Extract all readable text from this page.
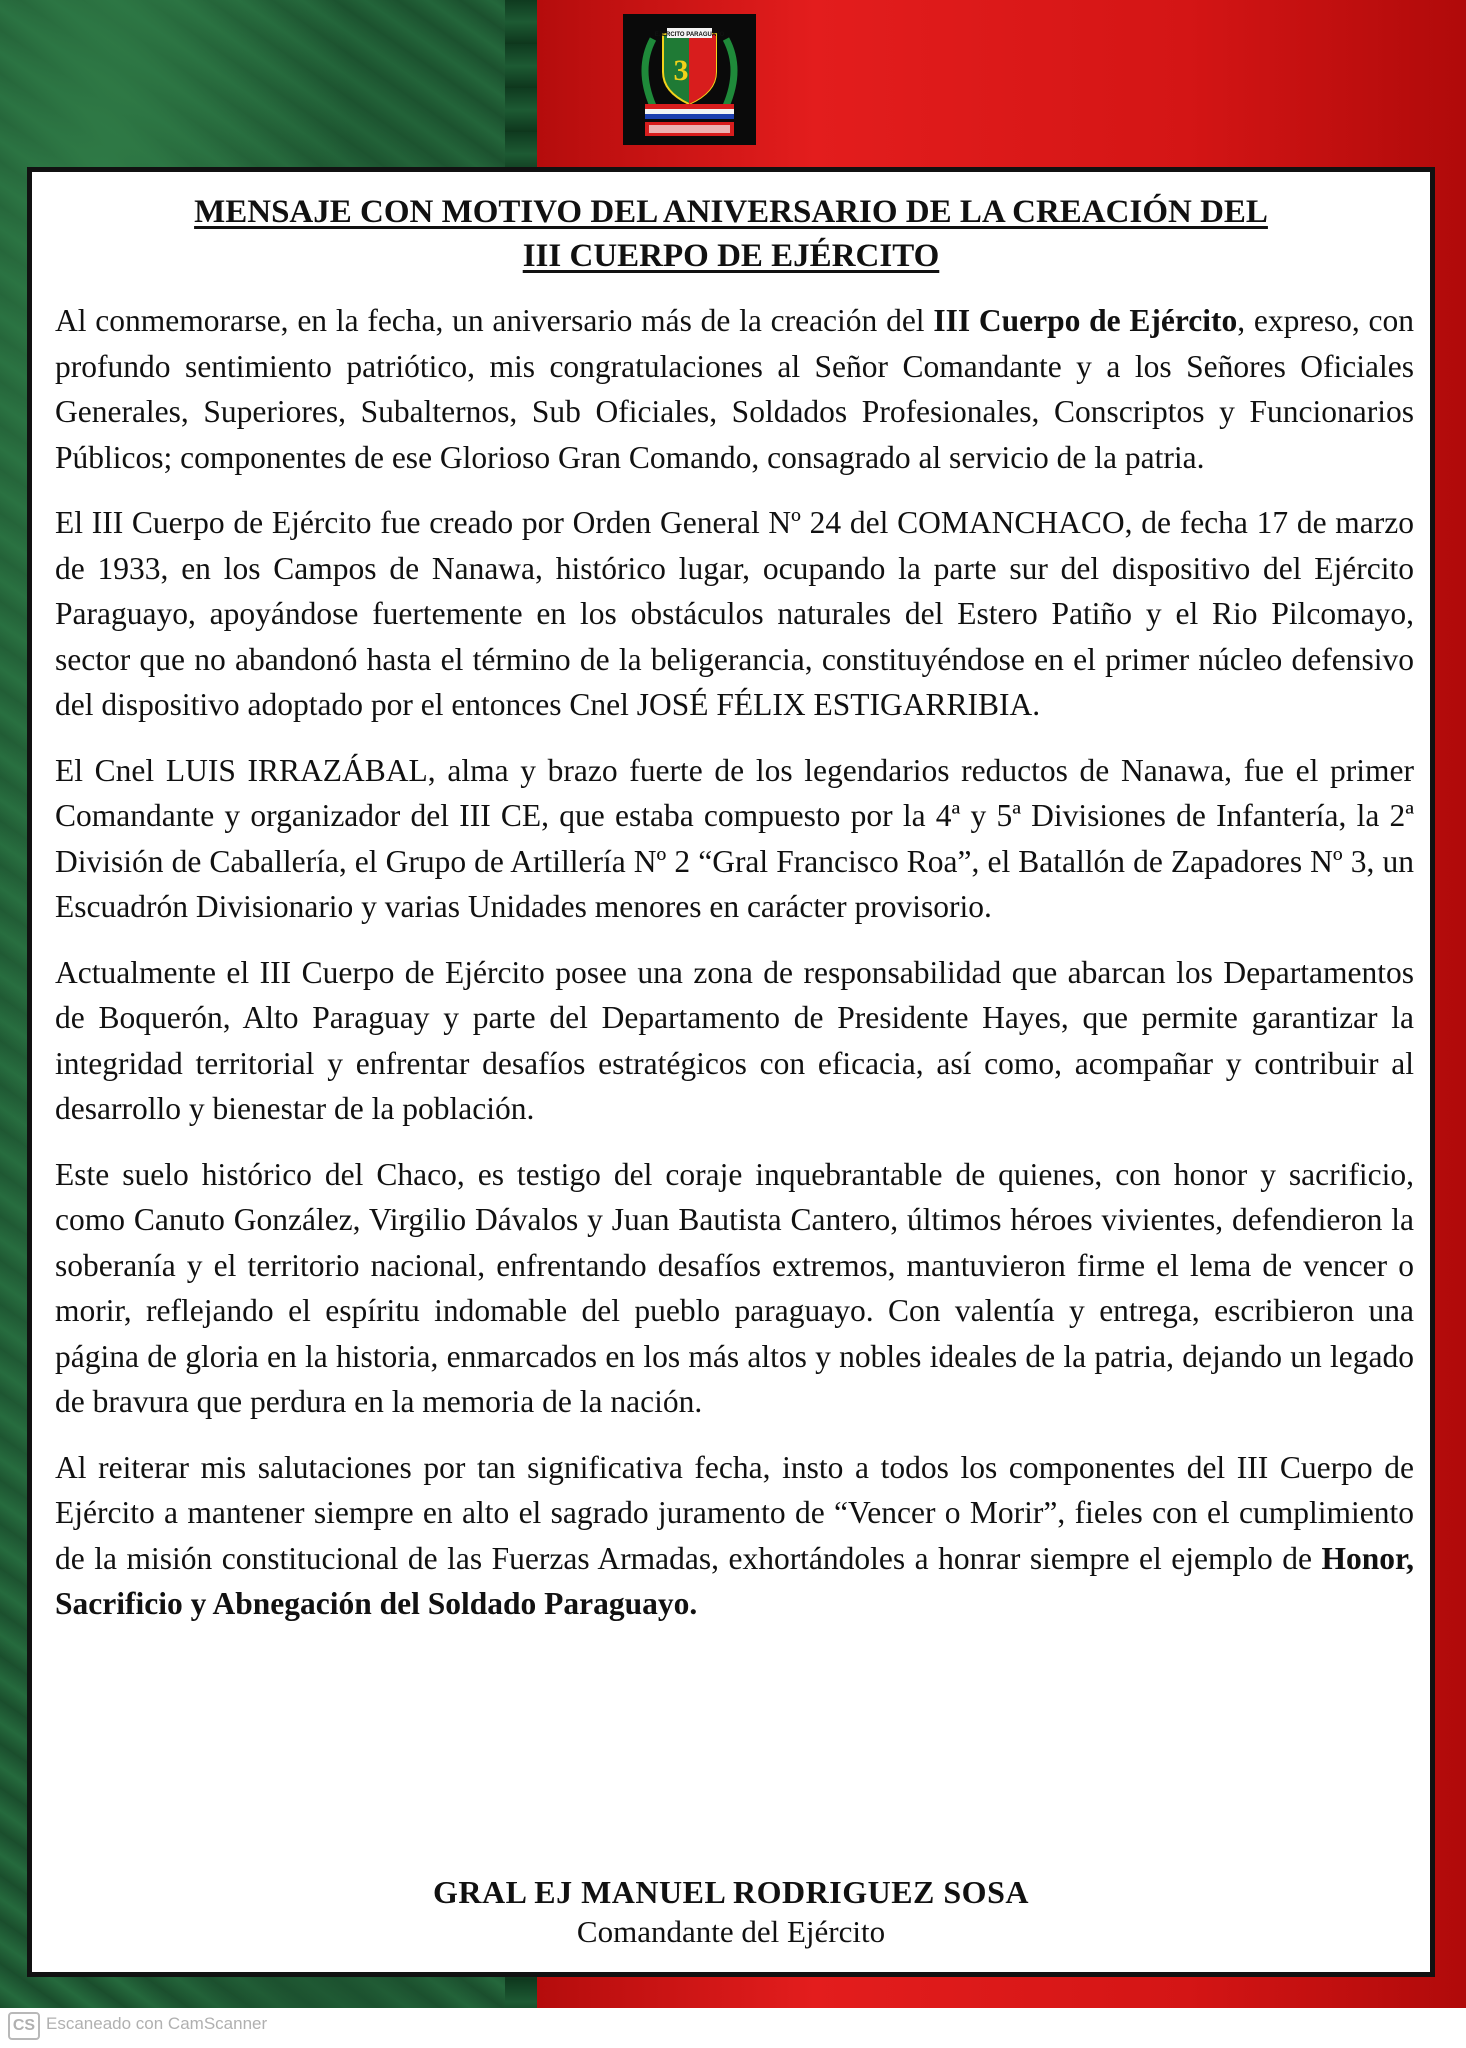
EJERCITO PARAGUAYO
3
MENSAJE CON MOTIVO DEL ANIVERSARIO DE LA CREACIÓN DEL
III CUERPO DE EJÉRCITO

Al conmemorarse, en la fecha, un aniversario más de la creación del III Cuerpo de Ejército, expreso, con profundo sentimiento patriótico, mis congratulaciones al Señor Comandante y a los Señores Oficiales Generales, Superiores, Subalternos, Sub Oficiales, Soldados Profesionales, Conscriptos y Funcionarios Públicos; componentes de ese Glorioso Gran Comando, consagrado al servicio de la patria.

El III Cuerpo de Ejército fue creado por Orden General Nº 24 del COMANCHACO, de fecha 17 de marzo de 1933, en los Campos de Nanawa, histórico lugar, ocupando la parte sur del dispositivo del Ejército Paraguayo, apoyándose fuertemente en los obstáculos naturales del Estero Patiño y el Rio Pilcomayo, sector que no abandonó hasta el término de la beligerancia, constituyéndose en el primer núcleo defensivo del dispositivo adoptado por el entonces Cnel JOSÉ FÉLIX ESTIGARRIBIA.

El Cnel LUIS IRRAZÁBAL, alma y brazo fuerte de los legendarios reductos de Nanawa, fue el primer Comandante y organizador del III CE, que estaba compuesto por la 4ª y 5ª Divisiones de Infantería, la 2ª División de Caballería, el Grupo de Artillería Nº 2 “Gral Francisco Roa”, el Batallón de Zapadores Nº 3, un Escuadrón Divisionario y varias Unidades menores en carácter provisorio.

Actualmente el III Cuerpo de Ejército posee una zona de responsabilidad que abarcan los Departamentos de Boquerón, Alto Paraguay y parte del Departamento de Presidente Hayes, que permite garantizar la integridad territorial y enfrentar desafíos estratégicos con eficacia, así como, acompañar y contribuir al desarrollo y bienestar de la población.

Este suelo histórico del Chaco, es testigo del coraje inquebrantable de quienes, con honor y sacrificio, como Canuto González, Virgilio Dávalos y Juan Bautista Cantero, últimos héroes vivientes, defendieron la soberanía y el territorio nacional, enfrentando desafíos extremos, mantuvieron firme el lema de vencer o morir, reflejando el espíritu indomable del pueblo paraguayo. Con valentía y entrega, escribieron una página de gloria en la historia, enmarcados en los más altos y nobles ideales de la patria, dejando un legado de bravura que perdura en la memoria de la nación.

Al reiterar mis salutaciones por tan significativa fecha, insto a todos los componentes del III Cuerpo de Ejército a mantener siempre en alto el sagrado juramento de “Vencer o Morir”, fieles con el cumplimiento de la misión constitucional de las Fuerzas Armadas, exhortándoles a honrar siempre el ejemplo de Honor, Sacrificio y Abnegación del Soldado Paraguayo.

GRAL EJ MANUEL RODRIGUEZ SOSA
Comandante del Ejército
CS Escaneado con CamScanner
